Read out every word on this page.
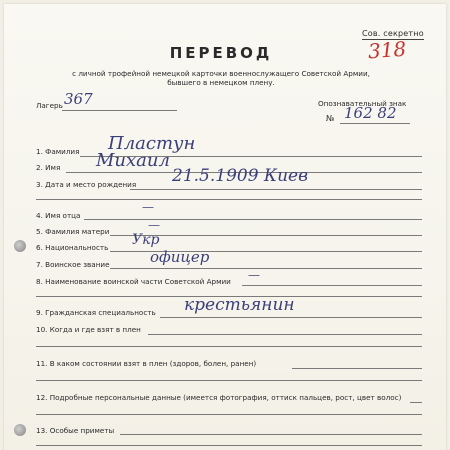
Сов. секретно
318
ПЕРЕВОД
с личной трофейной немецкой карточки военнослужащего Советской Армии,
бывшего в немецком плену.
Лагерь 367	Опознавательный знак
№ 162 82
1. Фамилия Пластун
2. Имя Михаил
3. Дата и место рождения 21.5.1909 Киев
4. Имя отца
—
5. Фамилия матери	—
6. Национальность Укр
7. Воинское звание	офицер
8. Наименование воинской части Советской Армии —
9. Гражданская специальность крестьянин
10. Когда и где взят в плен
11. В каком состоянии взят в плен (здоров, болен, ранен)
12. Подробные персональные данные (имеется фотография, оттиск пальцев, рост, цвет волос)
13. Особые приметы
